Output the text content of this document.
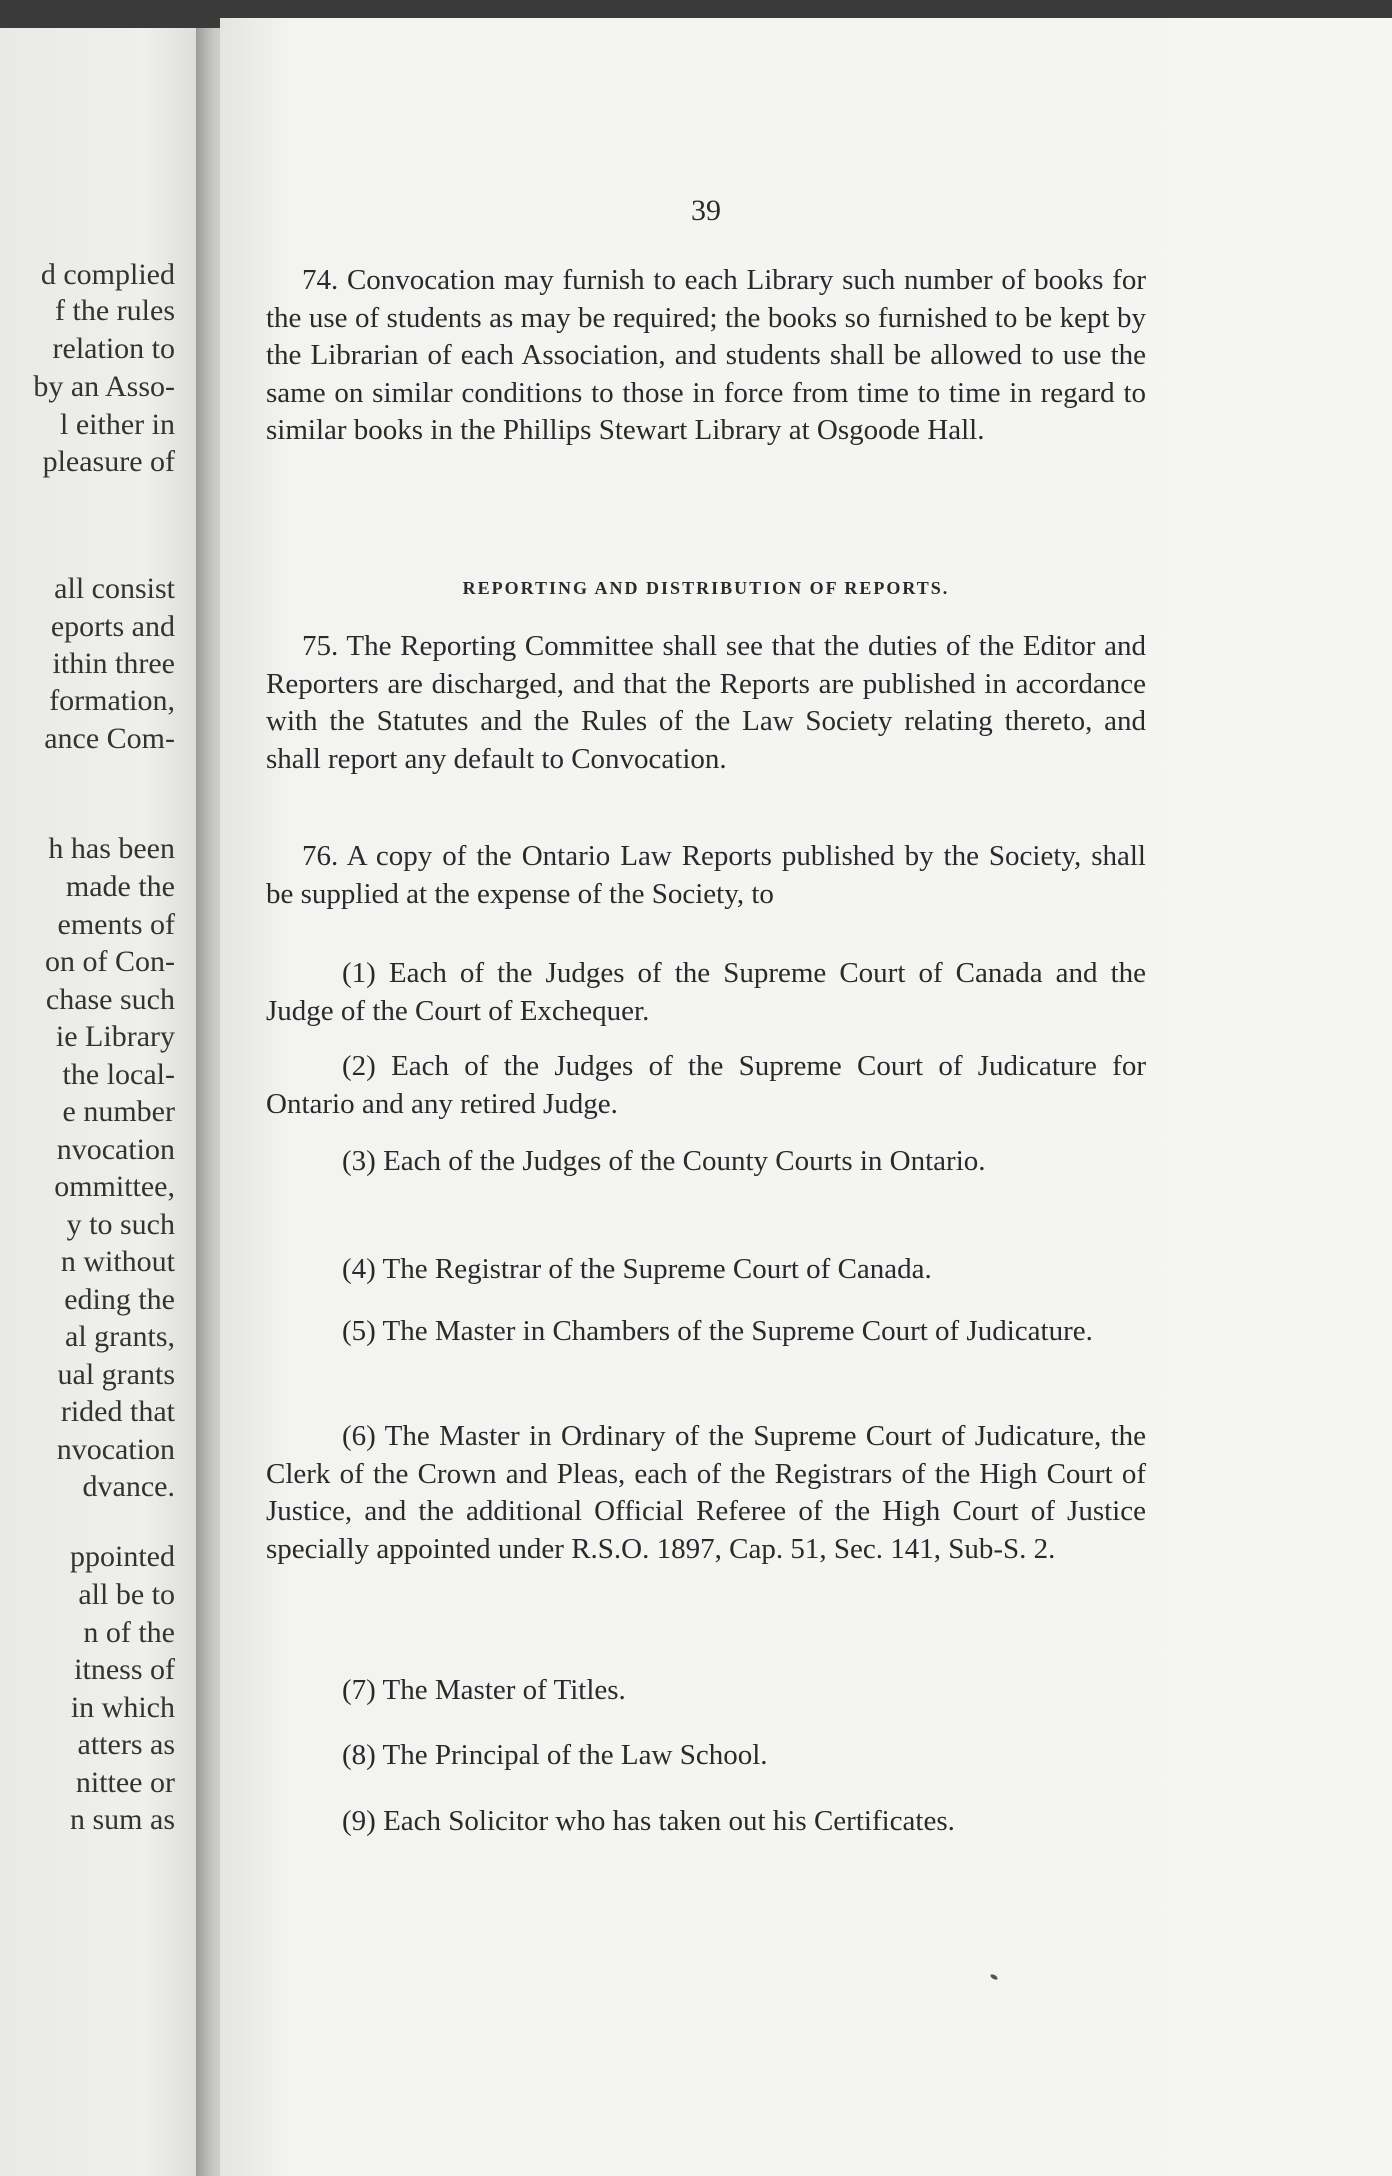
d complied
f the rules
relation to
by an Asso-
l either in
pleasure of
all consist
eports and
ithin three
formation,
ance Com-
h has been
made the
ements of
on of Con-
chase such
ie Library
the local-
e number
nvocation
ommittee,
y to such
n without
eding the
al grants,
ual grants
rided that
nvocation
dvance.
ppointed
all be to
n of the
itness of
in which
atters as
nittee or
n sum as
39

74. Convocation may furnish to each Library such number of books for the use of students as may be required; the books so furnished to be kept by the Librarian of each Association, and students shall be allowed to use the same on similar conditions to those in force from time to time in regard to similar books in the Phillips Stewart Library at Osgoode Hall.

REPORTING AND DISTRIBUTION OF REPORTS.

75. The Reporting Committee shall see that the duties of the Editor and Reporters are discharged, and that the Reports are published in accordance with the Statutes and the Rules of the Law Society relating thereto, and shall report any default to Convocation.

76. A copy of the Ontario Law Reports published by the Society, shall be supplied at the expense of the Society, to

(1) Each of the Judges of the Supreme Court of Canada and the Judge of the Court of Exchequer.

(2) Each of the Judges of the Supreme Court of Judicature for Ontario and any retired Judge.

(3) Each of the Judges of the County Courts in Ontario.

(4) The Registrar of the Supreme Court of Canada.

(5) The Master in Chambers of the Supreme Court of Judicature.

(6) The Master in Ordinary of the Supreme Court of Judicature, the Clerk of the Crown and Pleas, each of the Registrars of the High Court of Justice, and the additional Official Referee of the High Court of Justice specially appointed under R.S.O. 1897, Cap. 51, Sec. 141, Sub-S. 2.

(7) The Master of Titles.

(8) The Principal of the Law School.

(9) Each Solicitor who has taken out his Certificates.
